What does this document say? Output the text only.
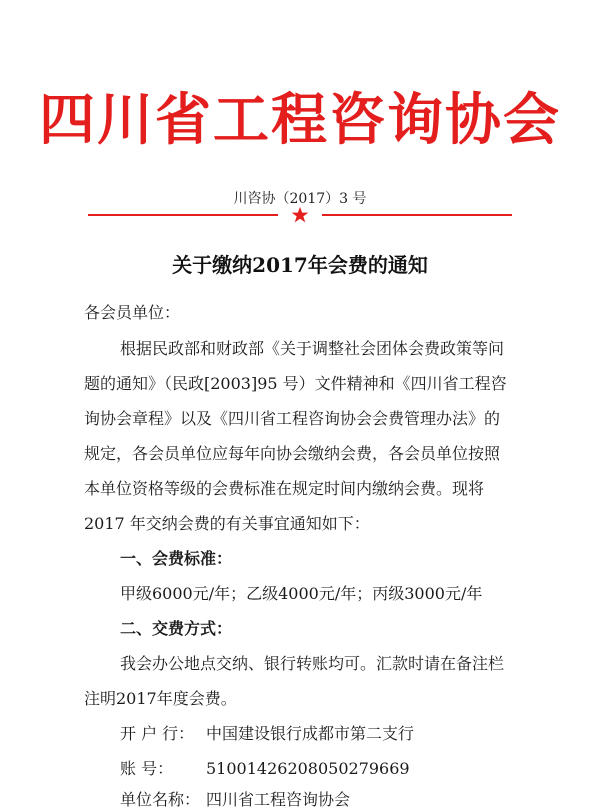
四川省工程咨询协会
川咨协（2017）3 号
关于缴纳2017年会费的通知
各会员单位：
根据民政部和财政部《关于调整社会团体会费政策等问
题的通知》（民政[2003]95 号）文件精神和《四川省工程咨
询协会章程》以及《四川省工程咨询协会会费管理办法》的
规定，各会员单位应每年向协会缴纳会费，各会员单位按照
本单位资格等级的会费标准在规定时间内缴纳会费。现将
2017 年交纳会费的有关事宜通知如下：
一、会费标准：
甲级6000元/年；乙级4000元/年；丙级3000元/年
二、交费方式：
我会办公地点交纳、银行转账均可。汇款时请在备注栏
注明2017年度会费。
开 户 行： 中国建设银行成都市第二支行
账 号： 51001426208050279669
单位名称： 四川省工程咨询协会
